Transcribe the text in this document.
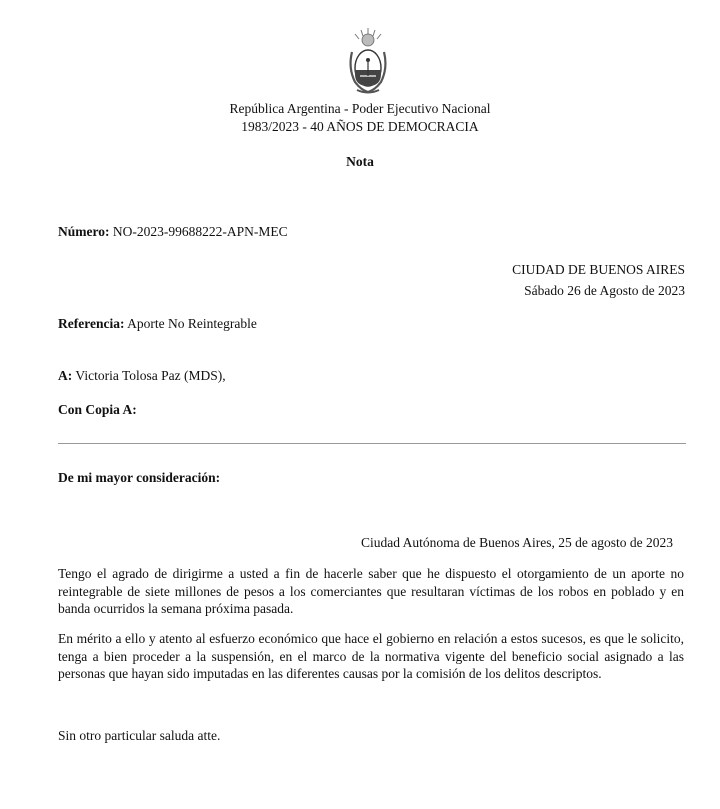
República Argentina - Poder Ejecutivo Nacional
1983/2023 - 40 AÑOS DE DEMOCRACIA
Nota
Número: NO-2023-99688222-APN-MEC
CIUDAD DE BUENOS AIRES
Sábado 26 de Agosto de 2023
Referencia: Aporte No Reintegrable
A: Victoria Tolosa Paz (MDS),
Con Copia A:
De mi mayor consideración:
Ciudad Autónoma de Buenos Aires, 25 de agosto de 2023
Tengo el agrado de dirigirme a usted a fin de hacerle saber que he dispuesto el otorgamiento de un aporte no reintegrable de siete millones de pesos a los comerciantes que resultaran víctimas de los robos en poblado y en banda ocurridos la semana próxima pasada.
En mérito a ello y atento al esfuerzo económico que hace el gobierno en relación a estos sucesos, es que le solicito, tenga a bien proceder a la suspensión, en el marco de la normativa vigente del beneficio social asignado a las personas que hayan sido imputadas en las diferentes causas por la comisión de los delitos descriptos.
Sin otro particular saluda atte.
